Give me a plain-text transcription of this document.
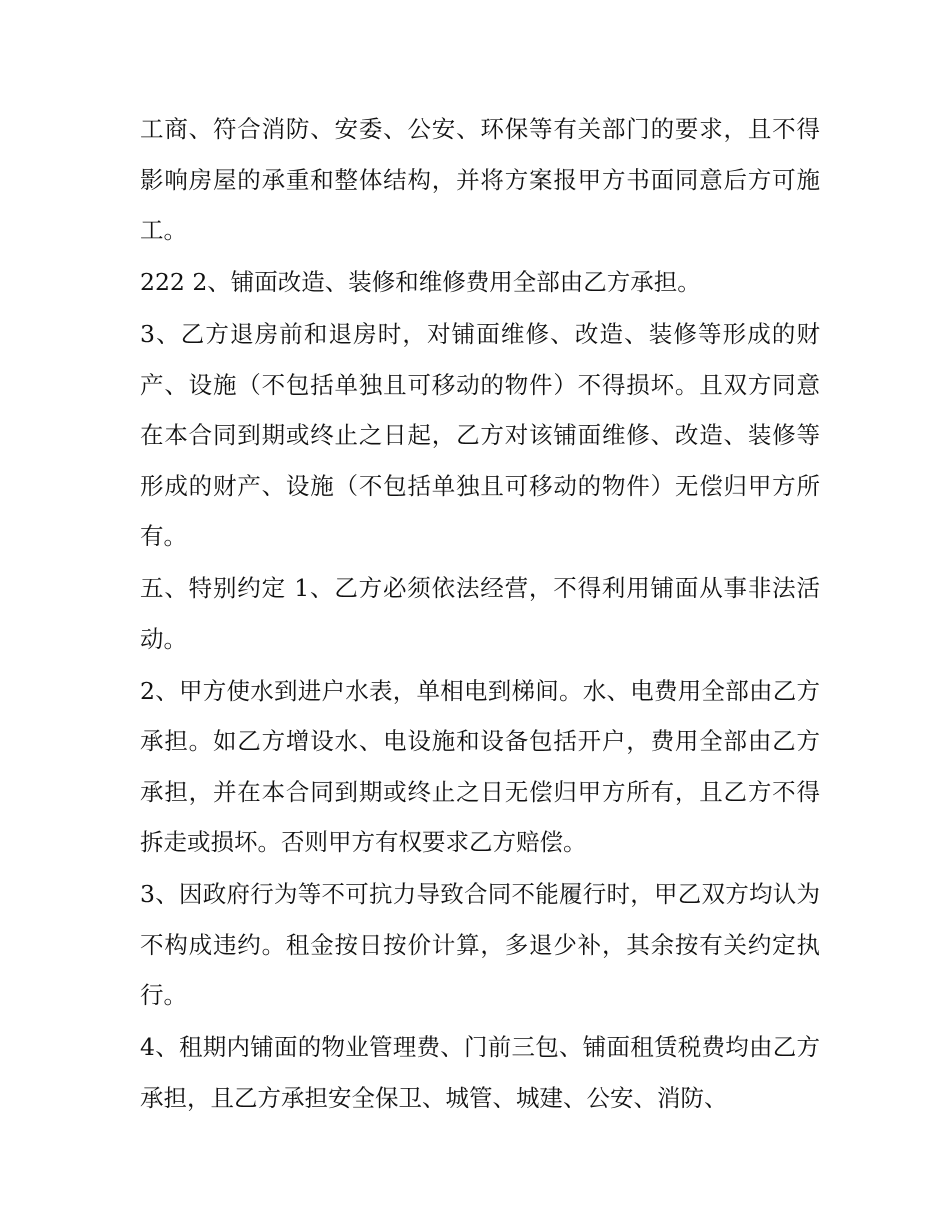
工商、符合消防、安委、公安、环保等有关部门的要求，且不得影响房屋的承重和整体结构，并将方案报甲方书面同意后方可施工。

222 2、铺面改造、装修和维修费用全部由乙方承担。

3、乙方退房前和退房时，对铺面维修、改造、装修等形成的财产、设施（不包括单独且可移动的物件）不得损坏。且双方同意在本合同到期或终止之日起，乙方对该铺面维修、改造、装修等形成的财产、设施（不包括单独且可移动的物件）无偿归甲方所有。

五、特别约定 1、乙方必须依法经营，不得利用铺面从事非法活动。

2、甲方使水到进户水表，单相电到梯间。水、电费用全部由乙方承担。如乙方增设水、电设施和设备包括开户，费用全部由乙方承担，并在本合同到期或终止之日无偿归甲方所有，且乙方不得拆走或损坏。否则甲方有权要求乙方赔偿。

3、因政府行为等不可抗力导致合同不能履行时，甲乙双方均认为不构成违约。租金按日按价计算，多退少补，其余按有关约定执行。

4、租期内铺面的物业管理费、门前三包、铺面租赁税费均由乙方承担，且乙方承担安全保卫、城管、城建、公安、消防、
